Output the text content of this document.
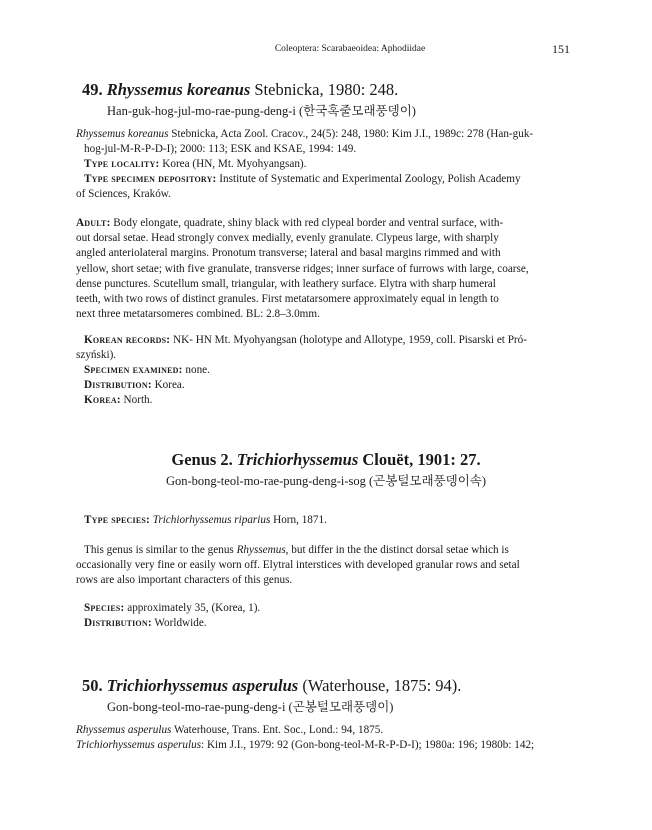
Coleoptera: Scarabaeoidea: Aphodiidae	151
49. Rhyssemus koreanus Stebnicka, 1980: 248.
Han-guk-hog-jul-mo-rae-pung-deng-i (한국혹줄모래풍뎅이)
Rhyssemus koreanus Stebnicka, Acta Zool. Cracov., 24(5): 248, 1980: Kim J.I., 1989c: 278 (Han-guk-
hog-jul-M-R-P-D-I); 2000: 113; ESK and KSAE, 1994: 149.
Type locality: Korea (HN, Mt. Myohyangsan).
Type specimen depository: Institute of Systematic and Experimental Zoology, Polish Academy
of Sciences, Kraków.
Adult: Body elongate, quadrate, shiny black with red clypeal border and ventral surface, with-
out dorsal setae. Head strongly convex medially, evenly granulate. Clypeus large, with sharply
angled anteriolateral margins. Pronotum transverse; lateral and basal margins rimmed and with
yellow, short setae; with five granulate, transverse ridges; inner surface of furrows with large, coarse,
dense punctures. Scutellum small, triangular, with leathery surface. Elytra with sharp humeral
teeth, with two rows of distinct granules. First metatarsomere approximately equal in length to
next three metatarsomeres combined. BL: 2.8–3.0mm.
Korean records: NK- HN Mt. Myohyangsan (holotype and Allotype, 1959, coll. Pisarski et Pró-
szyński).
Specimen examined: none.
Distribution: Korea.
Korea: North.
Genus 2. Trichiorhyssemus Clouët, 1901: 27.
Gon-bong-teol-mo-rae-pung-deng-i-sog (곤봉털모래풍뎅이속)
Type species: Trichiorhyssemus riparius Horn, 1871.
This genus is similar to the genus Rhyssemus, but differ in the the distinct dorsal setae which is
occasionally very fine or easily worn off. Elytral interstices with developed granular rows and setal
rows are also important characters of this genus.
Species: approximately 35, (Korea, 1).
Distribution: Worldwide.
50. Trichiorhyssemus asperulus (Waterhouse, 1875: 94).
Gon-bong-teol-mo-rae-pung-deng-i (곤봉털모래풍뎅이)
Rhyssemus asperulus Waterhouse, Trans. Ent. Soc., Lond.: 94, 1875.
Trichiorhyssemus asperulus: Kim J.I., 1979: 92 (Gon-bong-teol-M-R-P-D-I); 1980a: 196; 1980b: 142;
